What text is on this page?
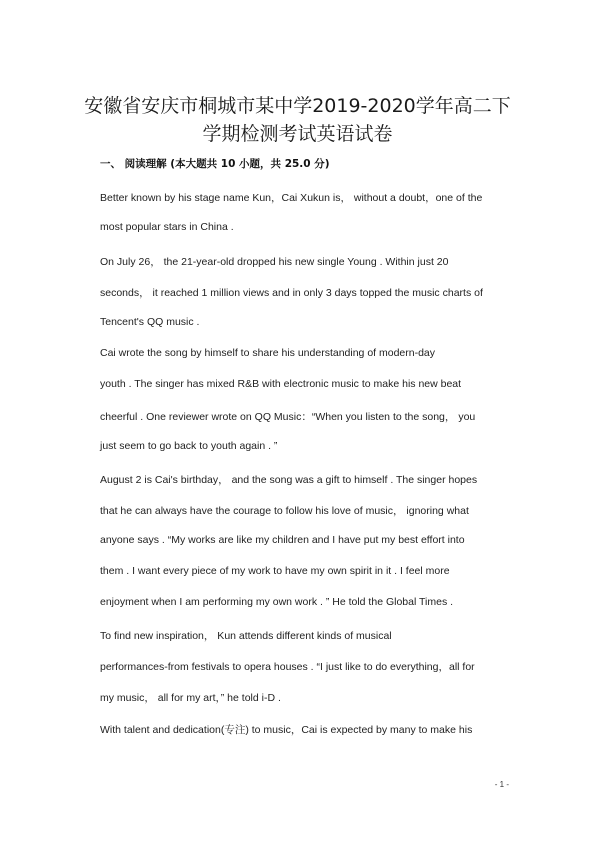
安徽省安庆市桐城市某中学2019-2020学年高二下
学期检测考试英语试卷
一、 阅读理解 (本大题共 10 小题，共 25.0 分)
Better known by his stage name Kun，Cai Xukun is， without a doubt，one of the
most popular stars in China .
On July 26， the 21-year-old dropped his new single Young . Within just 20
seconds， it reached 1 million views and in only 3 days topped the music charts of
Tencent's QQ music .
Cai wrote the song by himself to share his understanding of modern-day
youth . The singer has mixed R&B with electronic music to make his new beat
cheerful . One reviewer wrote on QQ Music：“When you listen to the song， you
just seem to go back to youth again . ”
August 2 is Cai's birthday， and the song was a gift to himself . The singer hopes
that he can always have the courage to follow his love of music， ignoring what
anyone says . “My works are like my children and I have put my best effort into
them . I want every piece of my work to have my own spirit in it . I feel more
enjoyment when I am performing my own work . ” He told the Global Times .
To find new inspiration， Kun attends different kinds of musical
performances-from festivals to opera houses . “I just like to do everything，all for
my music， all for my art，” he told i-D .
With talent and dedication(专注) to music，Cai is expected by many to make his
- 1 -
